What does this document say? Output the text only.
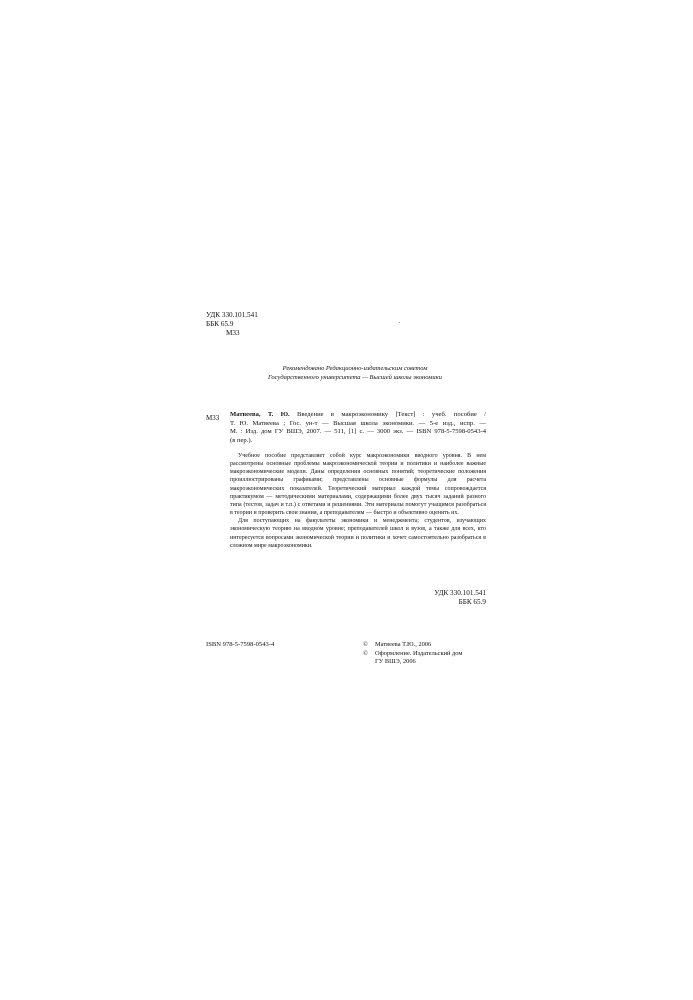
УДК 330.101.541
ББК 65.9
М33
Рекомендовано Редакционно-издательским советом
Государственного университета — Высшей школы экономики
М33 Матвеева, Т. Ю. Введение в макроэкономику [Текст] : учеб. пособие /
Т. Ю. Матвеева ; Гос. ун-т — Высшая школа экономики. — 5-е изд., испр. —
М. : Изд. дом ГУ ВШЭ, 2007. — 511, [1] с. — 3000 экз. — ISBN 978-5-7598-0543-4
(в пер.).

Учебное пособие представляет собой курс макроэкономики вводного уровня. В нем рассмотрены основные проблемы макроэкономической теории и политики и наиболее важные макроэкономические модели. Даны определения основных понятий; теоретические положения проиллюстрированы графиками; представлены основные формулы для расчета макроэкономических показателей. Теоретический материал каждой темы сопровождается практикумом — методическими материалами, содержащими более двух тысяч заданий разного типа (тестов, задач и т.п.) с ответами и решениями. Эти материалы помогут учащимся разобраться в теории и проверить свои знания, а преподавателям — быстро и объективно оценить их.

Для поступающих на факультеты экономики и менеджмента; студентов, изучающих экономическую теорию на вводном уровне; преподавателей школ и вузов, а также для всех, кто интересуется вопросами экономической теории и политики и хочет самостоятельно разобраться в сложном мире макроэкономики.

УДК 330.101.541
ББК 65.9
ISBN 978-5-7598-0543-4	©	Матвеева Т.Ю., 2006
©	Оформление. Издательский дом
ГУ ВШЭ, 2006
